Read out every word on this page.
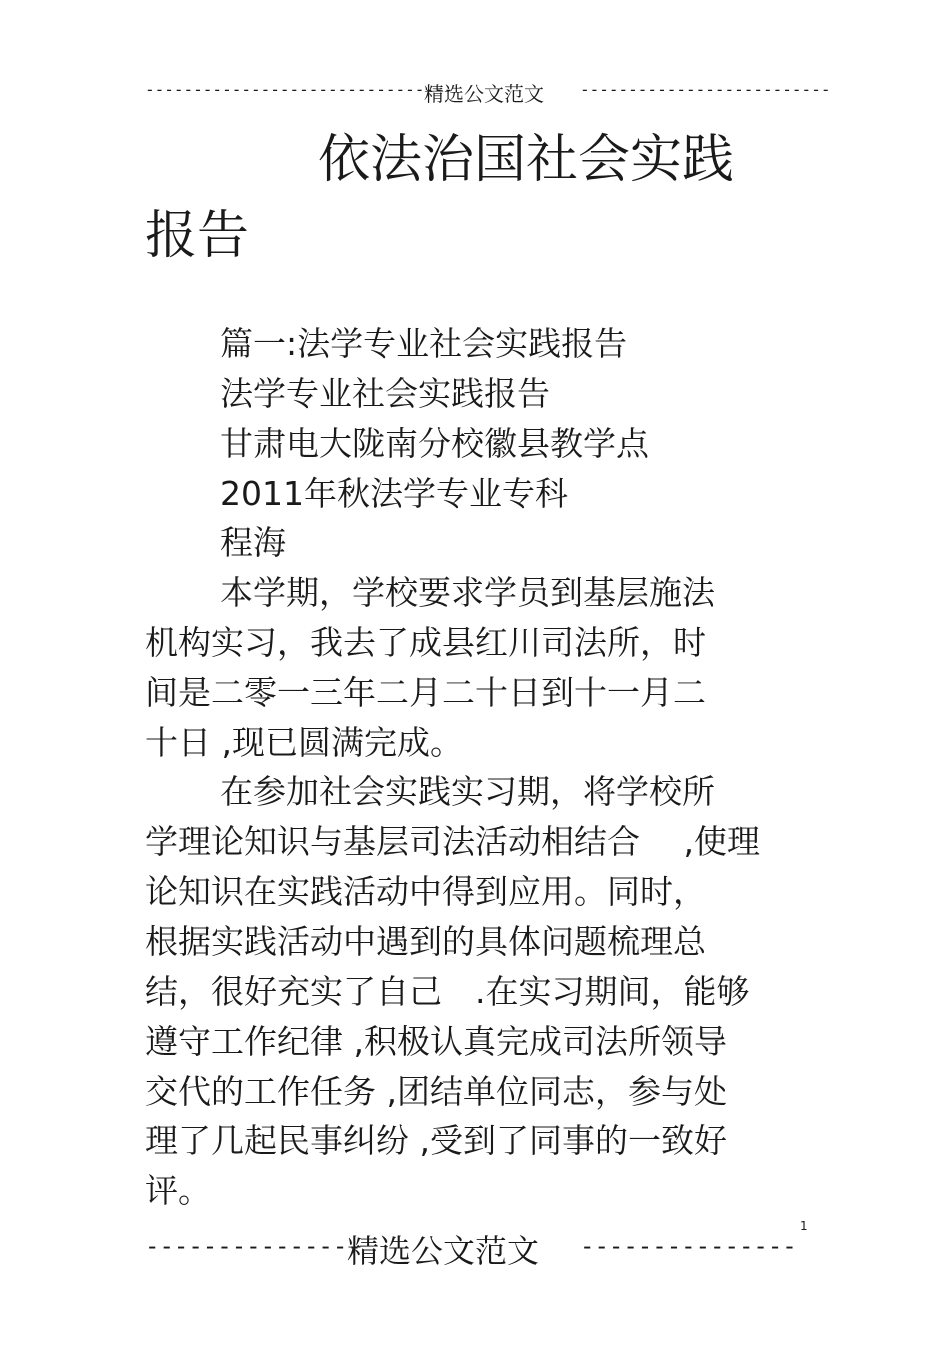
--------------------------------
精选公文范文 --------------------------
依法治国社会实践
报告
篇一:法学专业社会实践报告
法学专业社会实践报告
甘肃电大陇南分校徽县教学点
2011年秋法学专业专科
程海
本学期，学校要求学员到基层施法
机构实习，我去了成县红川司法所，时
间是二零一三年二月二十日到十一月二
十日 ,现已圆满完成。
在参加社会实践实习期，将学校所
学理论知识与基层司法活动相结合　 ,使理
论知识在实践活动中得到应用。同时，
根据实践活动中遇到的具体问题梳理总
结，很好充实了自己　.在实习期间，能够
遵守工作纪律 ,积极认真完成司法所领导
交代的工作任务 ,团结单位同志，参与处
理了几起民事纠纷 ,受到了同事的一致好
评。
1
---------------
精选公文范文 ---------------
